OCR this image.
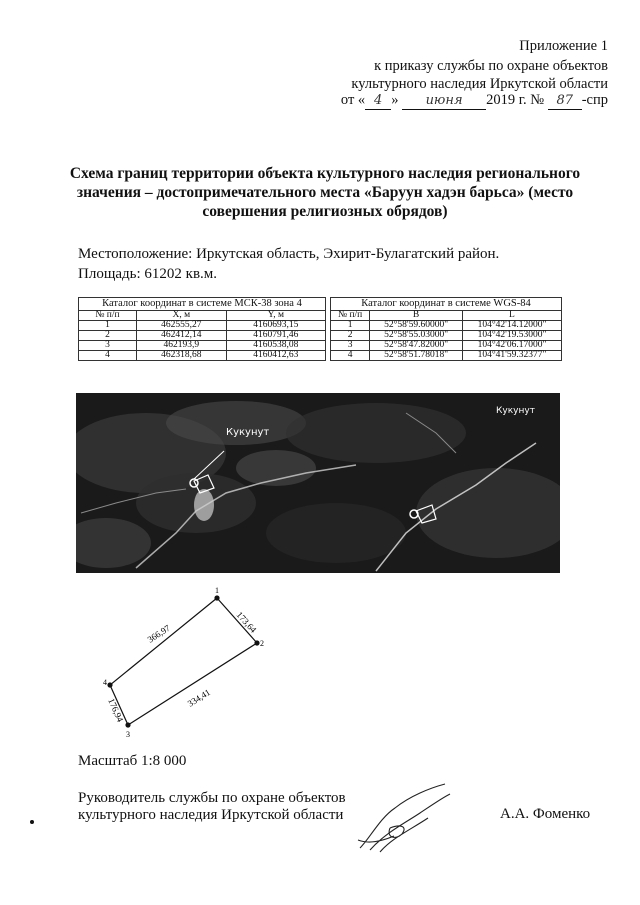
Приложение 1
к приказу службы по охране объектов
культурного наследия Иркутской области
от « 4 » июня 2019 г. № 87 -спр
Схема границ территории объекта культурного наследия регионального значения – достопримечательного места «Баруун хадэн барьса» (место совершения религиозных обрядов)
Местоположение: Иркутская область, Эхирит-Булагатский район.
Площадь: 61202 кв.м.
Каталог координат в системе МСК-38 зона 4		
№ п/п	X, м	Y, м
1	462555,27	4160693,15
2	462412,14	4160791,46
3	462193,9	4160538,08
4	462318,68	4160412,63
Каталог координат в системе WGS-84		
№ п/п	B	L
1	52°58'59.60000"	104°42'14.12000"
2	52°58'55.03000"	104°42'19.53000"
3	52°58'47.82000"	104°42'06.17000"
4	52°58'51.78018"	104°41'59.32377"
Кукунут
Кукунут
1
2
3
4
173,64
334,41
176,94
366,97
Масштаб 1:8 000
Руководитель службы по охране объектов
культурного наследия Иркутской области	А.А. Фоменко
